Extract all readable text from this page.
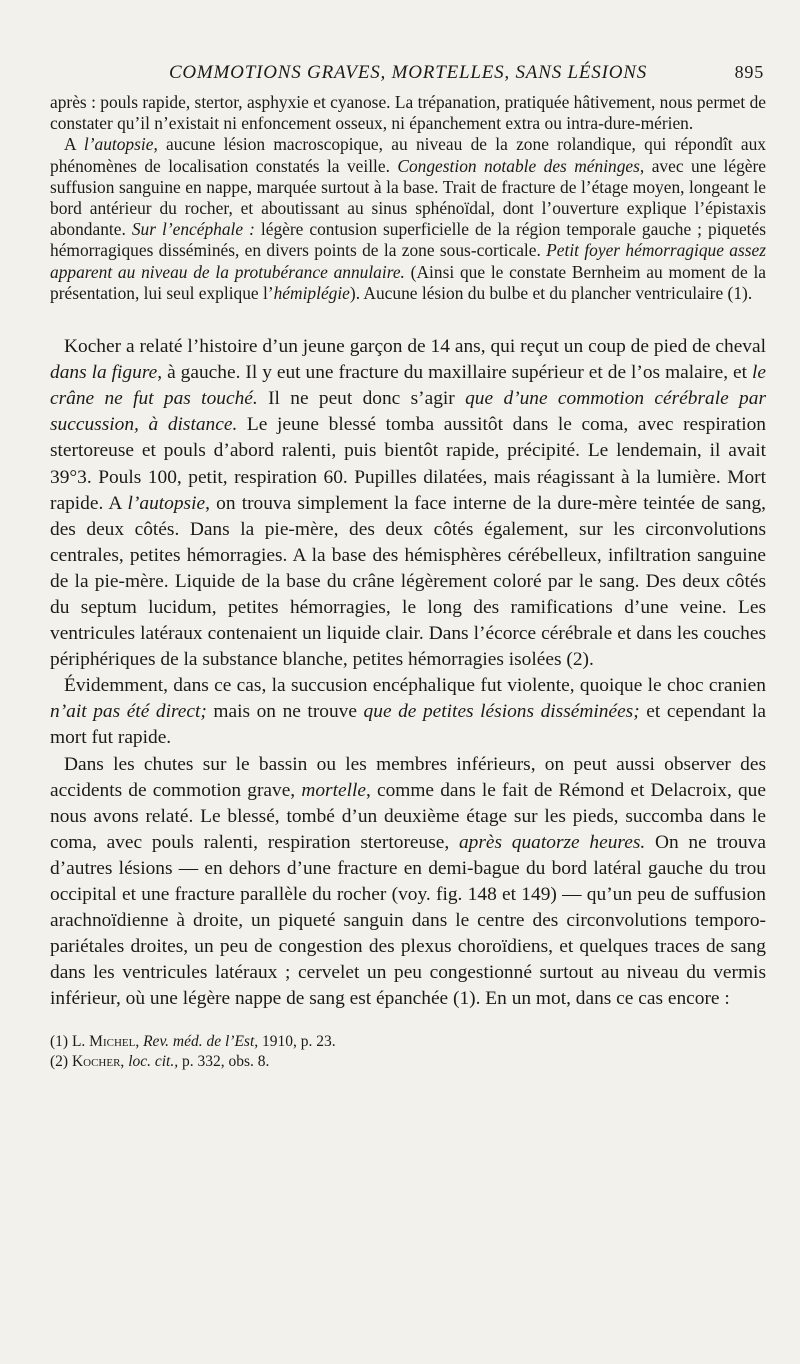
COMMOTIONS GRAVES, MORTELLES, SANS LÉSIONS	895

après : pouls rapide, stertor, asphyxie et cyanose. La trépanation, pratiquée hâtivement, nous permet de constater qu’il n’existait ni enfoncement osseux, ni épanchement extra ou intra-dure-mérien.

A l’autopsie, aucune lésion macroscopique, au niveau de la zone rolandique, qui répondît aux phénomènes de localisation constatés la veille. Congestion notable des méninges, avec une légère suffusion sanguine en nappe, marquée surtout à la base. Trait de fracture de l’étage moyen, longeant le bord antérieur du rocher, et aboutissant au sinus sphénoïdal, dont l’ouverture explique l’épistaxis abondante. Sur l’encéphale : légère contusion superficielle de la région temporale gauche ; piquetés hémorragiques disséminés, en divers points de la zone sous-corticale. Petit foyer hémorragique assez apparent au niveau de la protubérance annulaire. (Ainsi que le constate Bernheim au moment de la présentation, lui seul explique l’hémiplégie). Aucune lésion du bulbe et du plancher ventriculaire (1).

Kocher a relaté l’histoire d’un jeune garçon de 14 ans, qui reçut un coup de pied de cheval dans la figure, à gauche. Il y eut une fracture du maxillaire supérieur et de l’os malaire, et le crâne ne fut pas touché. Il ne peut donc s’agir que d’une commotion cérébrale par succussion, à distance. Le jeune blessé tomba aussitôt dans le coma, avec respiration stertoreuse et pouls d’abord ralenti, puis bientôt rapide, précipité. Le lendemain, il avait 39°3. Pouls 100, petit, respiration 60. Pupilles dilatées, mais réagissant à la lumière. Mort rapide. A l’autopsie, on trouva simplement la face interne de la dure-mère teintée de sang, des deux côtés. Dans la pie-mère, des deux côtés également, sur les circonvolutions centrales, petites hémorragies. A la base des hémisphères cérébelleux, infiltration sanguine de la pie-mère. Liquide de la base du crâne légèrement coloré par le sang. Des deux côtés du septum lucidum, petites hémorragies, le long des ramifications d’une veine. Les ventricules latéraux contenaient un liquide clair. Dans l’écorce cérébrale et dans les couches périphériques de la substance blanche, petites hémorragies isolées (2).

Évidemment, dans ce cas, la succusion encéphalique fut violente, quoique le choc cranien n’ait pas été direct; mais on ne trouve que de petites lésions disséminées; et cependant la mort fut rapide.

Dans les chutes sur le bassin ou les membres inférieurs, on peut aussi observer des accidents de commotion grave, mortelle, comme dans le fait de Rémond et Delacroix, que nous avons relaté. Le blessé, tombé d’un deuxième étage sur les pieds, succomba dans le coma, avec pouls ralenti, respiration stertoreuse, après quatorze heures. On ne trouva d’autres lésions — en dehors d’une fracture en demi-bague du bord latéral gauche du trou occipital et une fracture parallèle du rocher (voy. fig. 148 et 149) — qu’un peu de suffusion arachnoïdienne à droite, un piqueté sanguin dans le centre des circonvolutions temporo-pariétales droites, un peu de congestion des plexus choroïdiens, et quelques traces de sang dans les ventricules latéraux ; cervelet un peu congestionné surtout au niveau du vermis inférieur, où une légère nappe de sang est épanchée (1). En un mot, dans ce cas encore :

(1) L. Michel, Rev. méd. de l’Est, 1910, p. 23.
(2) Kocher, loc. cit., p. 332, obs. 8.
